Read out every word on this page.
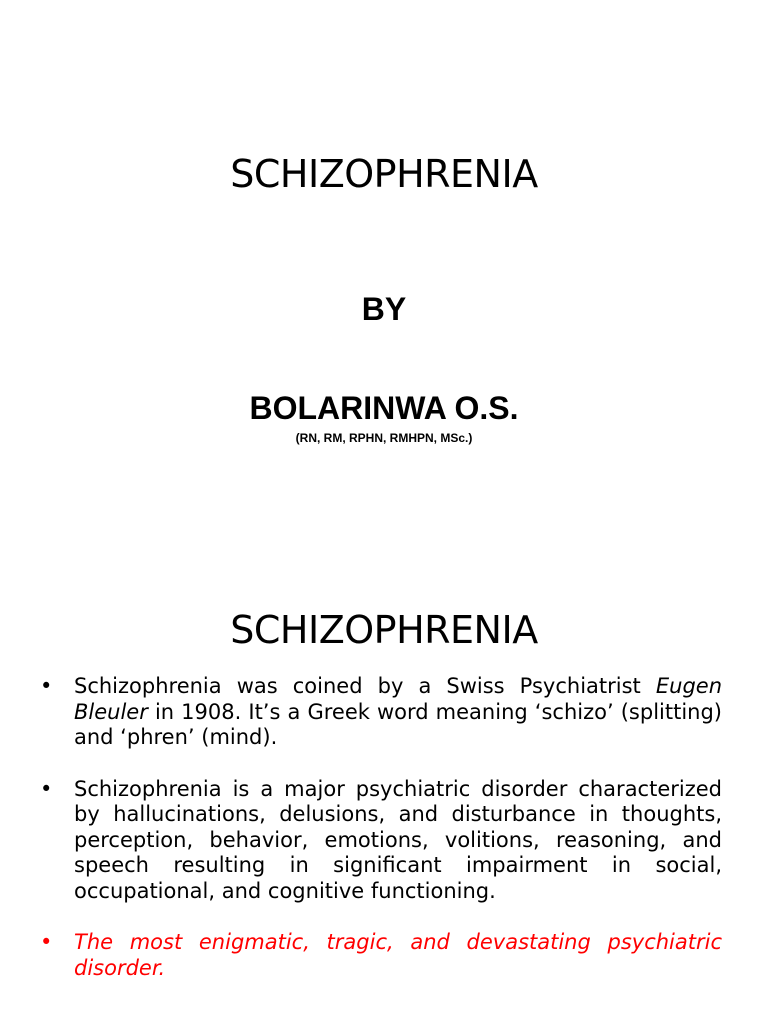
SCHIZOPHRENIA
BY
BOLARINWA O.S.
(RN, RM, RPHN, RMHPN, MSc.)
SCHIZOPHRENIA
•	Schizophrenia was coined by a Swiss Psychiatrist Eugen Bleuler in 1908. It’s a Greek word meaning ‘schizo’ (splitting) and ‘phren’ (mind).
•	Schizophrenia is a major psychiatric disorder characterized by hallucinations, delusions, and disturbance in thoughts, perception, behavior, emotions, volitions, reasoning, and speech resulting in significant impairment in social, occupational, and cognitive functioning.
•	The most enigmatic, tragic, and devastating psychiatric disorder.
